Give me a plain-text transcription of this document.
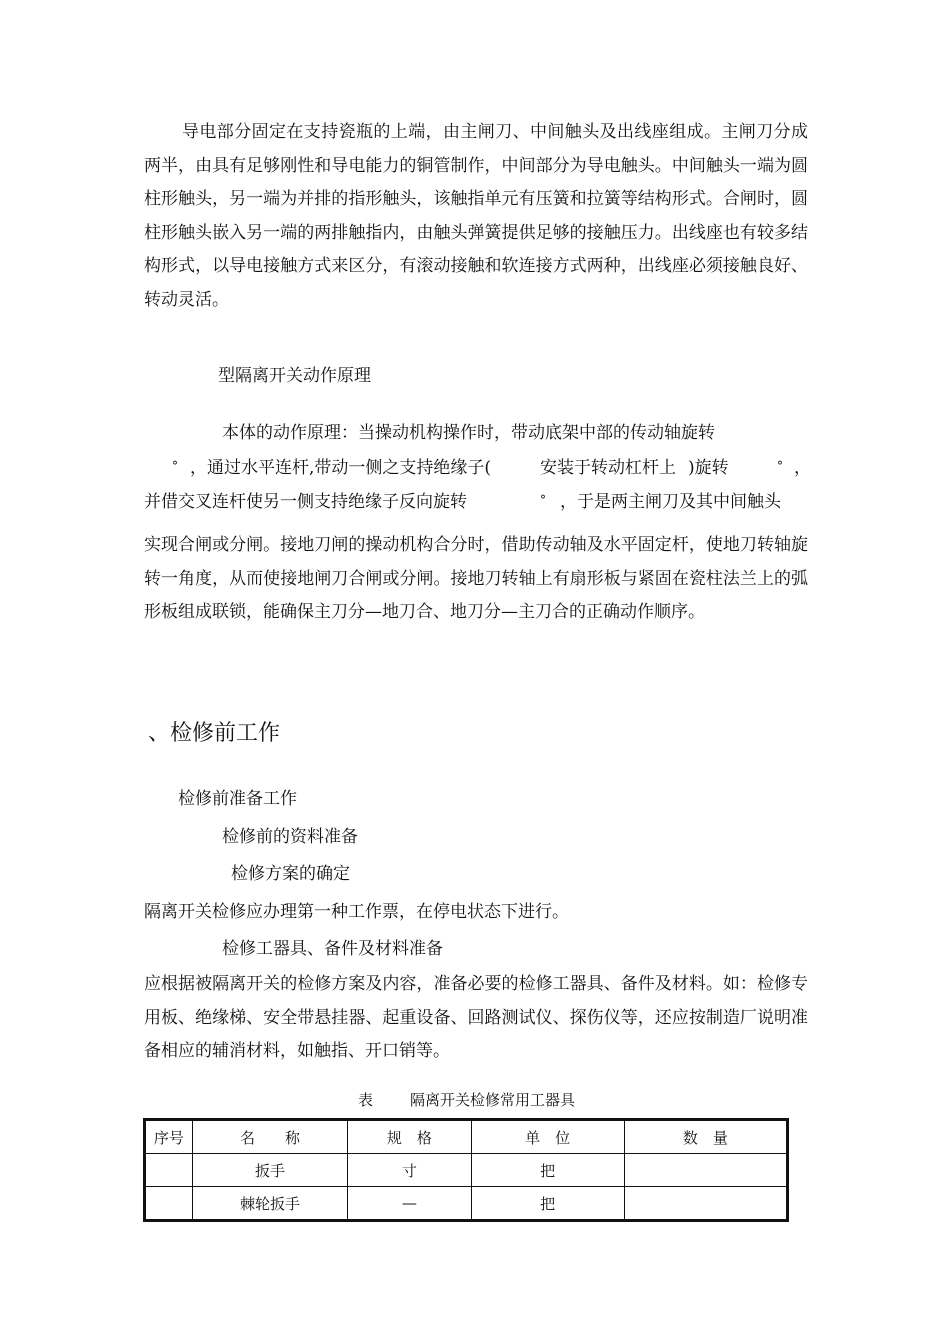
导电部分固定在支持瓷瓶的上端，由主闸刀、中间触头及出线座组成。主闸刀分成两半，由具有足够刚性和导电能力的铜管制作，中间部分为导电触头。中间触头一端为圆柱形触头，另一端为并排的指形触头，该触指单元有压簧和拉簧等结构形式。合闸时，圆柱形触头嵌入另一端的两排触指内，由触头弹簧提供足够的接触压力。出线座也有较多结构形式，以导电接触方式来区分，有滚动接触和软连接方式两种，出线座必须接触良好、转动灵活。

型隔离开关动作原理
本体的动作原理：当操动机构操作时，带动底架中部的传动轴旋转
° ，通过水平连杆,带动一侧之支持绝缘子(	安装于转动杠杆上 )旋转	° ，
并借交叉连杆使另一侧支持绝缘子反向旋转	° ，于是两主闸刀及其中间触头

实现合闸或分闸。接地刀闸的操动机构合分时，借助传动轴及水平固定杆，使地刀转轴旋转一角度，从而使接地闸刀合闸或分闸。接地刀转轴上有扇形板与紧固在瓷柱法兰上的弧形板组成联锁，能确保主刀分—地刀合、地刀分—主刀合的正确动作顺序。

、检修前工作
检修前准备工作
检修前的资料准备
检修方案的确定
隔离开关检修应办理第一种工作票，在停电状态下进行。
检修工器具、备件及材料准备

应根据被隔离开关的检修方案及内容，准备必要的检修工器具、备件及材料。如：检修专用板、绝缘梯、安全带悬挂器、起重设备、回路测试仪、探伤仪等，还应按制造厂说明准备相应的辅消材料，如触指、开口销等。

表 隔离开关检修常用工器具
序号	名　　称	规　格	单　位	数　量
	扳手	寸	把	
	棘轮扳手	—	把	
